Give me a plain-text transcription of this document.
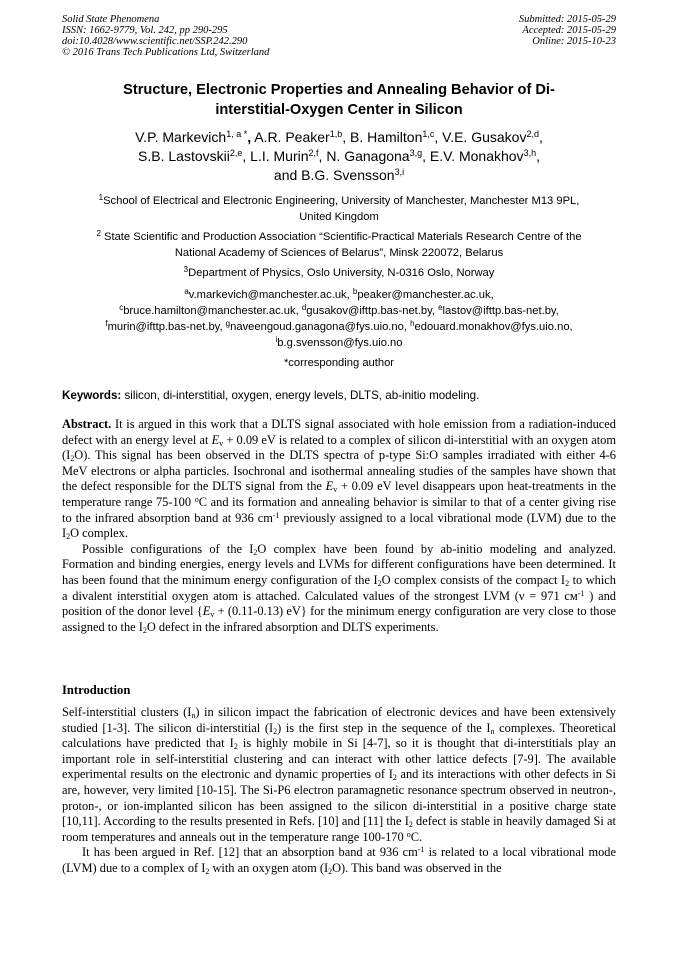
Solid State Phenomena
ISSN: 1662-9779, Vol. 242, pp 290-295
doi:10.4028/www.scientific.net/SSP.242.290
© 2016 Trans Tech Publications Ltd, Switzerland
Submitted: 2015-05-29
Accepted: 2015-05-29
Online: 2015-10-23
Structure, Electronic Properties and Annealing Behavior of Di-
interstitial-Oxygen Center in Silicon
V.P. Markevich$^{1, a *}$, A.R. Peaker$^{1,b}$, B. Hamilton$^{1,c}$, V.E. Gusakov$^{2,d}$,
S.B. Lastovskii$^{2,e}$, L.I. Murin$^{2,f}$, N. Ganagona$^{3,g}$, E.V. Monakhov$^{3,h}$,
and B.G. Svensson$^{3,i}$
$^1$School of Electrical and Electronic Engineering, University of Manchester, Manchester M13 9PL,
United Kingdom
$^2$ State Scientific and Production Association “Scientific-Practical Materials Research Centre of the
National Academy of Sciences of Belarus”, Minsk 220072, Belarus
$^3$Department of Physics, Oslo University, N-0316 Oslo, Norway
$^a$v.markevich@manchester.ac.uk, $^b$peaker@manchester.ac.uk,
$^c$bruce.hamilton@manchester.ac.uk, $^d$gusakov@ifttp.bas-net.by, $^e$lastov@ifttp.bas-net.by,
$^f$murin@ifttp.bas-net.by, $^g$naveengoud.ganagona@fys.uio.no, $^h$edouard.monakhov@fys.uio.no,
$^i$b.g.svensson@fys.uio.no
*corresponding author
Keywords: silicon, di-interstitial, oxygen, energy levels, DLTS, ab-initio modeling.

Abstract. It is argued in this work that a DLTS signal associated with hole emission from a radiation-induced defect with an energy level at $E_v + 0.09$ eV is related to a complex of silicon di-interstitial with an oxygen atom $(I_2O)$. This signal has been observed in the DLTS spectra of p-type Si:O samples irradiated with either 4-6 MeV electrons or alpha particles. Isochronal and isothermal annealing studies of the samples have shown that the defect responsible for the DLTS signal from the $E_v + 0.09$ eV level disappears upon heat-treatments in the temperature range 75-100 $^o$C and its formation and annealing behavior is similar to that of a center giving rise to the infrared absorption band at 936 $cm^{-1}$ previously assigned to a local vibrational mode (LVM) due to the $I_2O$ complex.

Possible configurations of the $I_2O$ complex have been found by ab-initio modeling and analyzed. Formation and binding energies, energy levels and LVMs for different configurations have been determined. It has been found that the minimum energy configuration of the $I_2O$ complex consists of the compact $I_2$ to which a divalent interstitial oxygen atom is attached. Calculated values of the strongest LVM (ν = 971 $cм^{-1}$ ) and position of the donor level {$E_v + (0.11-0.13)$ eV} for the minimum energy configuration are very close to those assigned to the $I_2O$ defect in the infrared absorption and DLTS experiments.

Introduction

Self-interstitial clusters $(I_n)$ in silicon impact the fabrication of electronic devices and have been extensively studied [1-3]. The silicon di-interstitial $(I_2)$ is the first step in the sequence of the $I_n$ complexes. Theoretical calculations have predicted that $I_2$ is highly mobile in Si [4-7], so it is thought that di-interstitials play an important role in self-interstitial clustering and can interact with other lattice defects [7-9]. The available experimental results on the electronic and dynamic properties of $I_2$ and its interactions with other defects in Si are, however, very limited [10-15]. The Si-P6 electron paramagnetic resonance spectrum observed in neutron-, proton-, or ion-implanted silicon has been assigned to the silicon di-interstitial in a positive charge state [10,11]. According to the results presented in Refs. [10] and [11] the $I_2$ defect is stable in heavily damaged Si at room temperatures and anneals out in the temperature range 100-170 $^o$C.

It has been argued in Ref. [12] that an absorption band at 936 $cm^{-1}$ is related to a local vibrational mode (LVM) due to a complex of $I_2$ with an oxygen atom $(I_2O)$. This band was observed in the
